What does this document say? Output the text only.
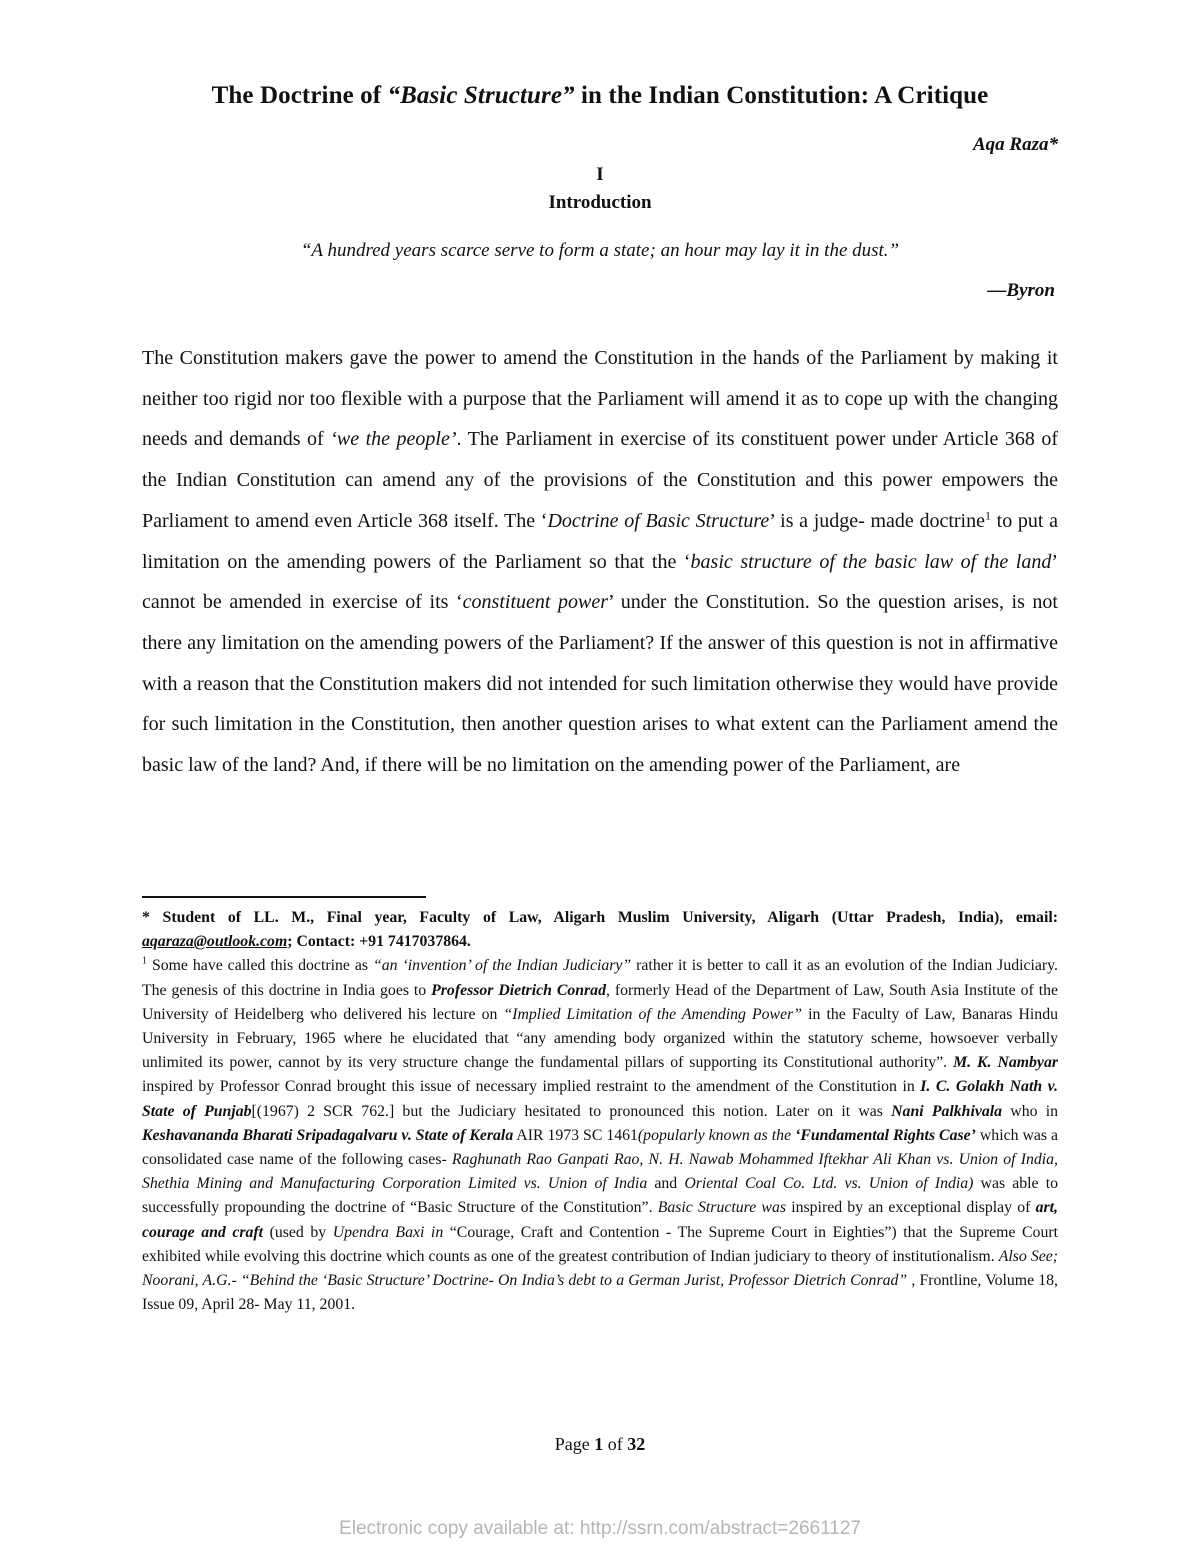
The Doctrine of “Basic Structure” in the Indian Constitution: A Critique
Aqa Raza*
I
Introduction
“A hundred years scarce serve to form a state; an hour may lay it in the dust.”
—Byron
The Constitution makers gave the power to amend the Constitution in the hands of the Parliament by making it neither too rigid nor too flexible with a purpose that the Parliament will amend it as to cope up with the changing needs and demands of ‘we the people’. The Parliament in exercise of its constituent power under Article 368 of the Indian Constitution can amend any of the provisions of the Constitution and this power empowers the Parliament to amend even Article 368 itself. The ‘Doctrine of Basic Structure’ is a judge- made doctrine$^1$ to put a limitation on the amending powers of the Parliament so that the ‘basic structure of the basic law of the land’ cannot be amended in exercise of its ‘constituent power’ under the Constitution. So the question arises, is not there any limitation on the amending powers of the Parliament? If the answer of this question is not in affirmative with a reason that the Constitution makers did not intended for such limitation otherwise they would have provide for such limitation in the Constitution, then another question arises to what extent can the Parliament amend the basic law of the land? And, if there will be no limitation on the amending power of the Parliament, are

* Student of LL. M., Final year, Faculty of Law, Aligarh Muslim University, Aligarh (Uttar Pradesh, India), email: aqaraza@outlook.com; Contact: +91 7417037864.

$^1$ Some have called this doctrine as “an ‘invention’ of the Indian Judiciary” rather it is better to call it as an evolution of the Indian Judiciary. The genesis of this doctrine in India goes to Professor Dietrich Conrad, formerly Head of the Department of Law, South Asia Institute of the University of Heidelberg who delivered his lecture on “Implied Limitation of the Amending Power” in the Faculty of Law, Banaras Hindu University in February, 1965 where he elucidated that “any amending body organized within the statutory scheme, howsoever verbally unlimited its power, cannot by its very structure change the fundamental pillars of supporting its Constitutional authority”. M. K. Nambyar inspired by Professor Conrad brought this issue of necessary implied restraint to the amendment of the Constitution in I. C. Golakh Nath v. State of Punjab[(1967) 2 SCR 762.] but the Judiciary hesitated to pronounced this notion. Later on it was Nani Palkhivala who in Keshavananda Bharati Sripadagalvaru v. State of Kerala AIR 1973 SC 1461(popularly known as the ‘Fundamental Rights Case’ which was a consolidated case name of the following cases- Raghunath Rao Ganpati Rao, N. H. Nawab Mohammed Iftekhar Ali Khan vs. Union of India, Shethia Mining and Manufacturing Corporation Limited vs. Union of India and Oriental Coal Co. Ltd. vs. Union of India) was able to successfully propounding the doctrine of “Basic Structure of the Constitution”. Basic Structure was inspired by an exceptional display of art, courage and craft (used by Upendra Baxi in “Courage, Craft and Contention - The Supreme Court in Eighties”) that the Supreme Court exhibited while evolving this doctrine which counts as one of the greatest contribution of Indian judiciary to theory of institutionalism. Also See; Noorani, A.G.- “Behind the ‘Basic Structure’ Doctrine- On India’s debt to a German Jurist, Professor Dietrich Conrad” , Frontline, Volume 18, Issue 09, April 28- May 11, 2001.

Page 1 of 32
Electronic copy available at: http://ssrn.com/abstract=2661127
